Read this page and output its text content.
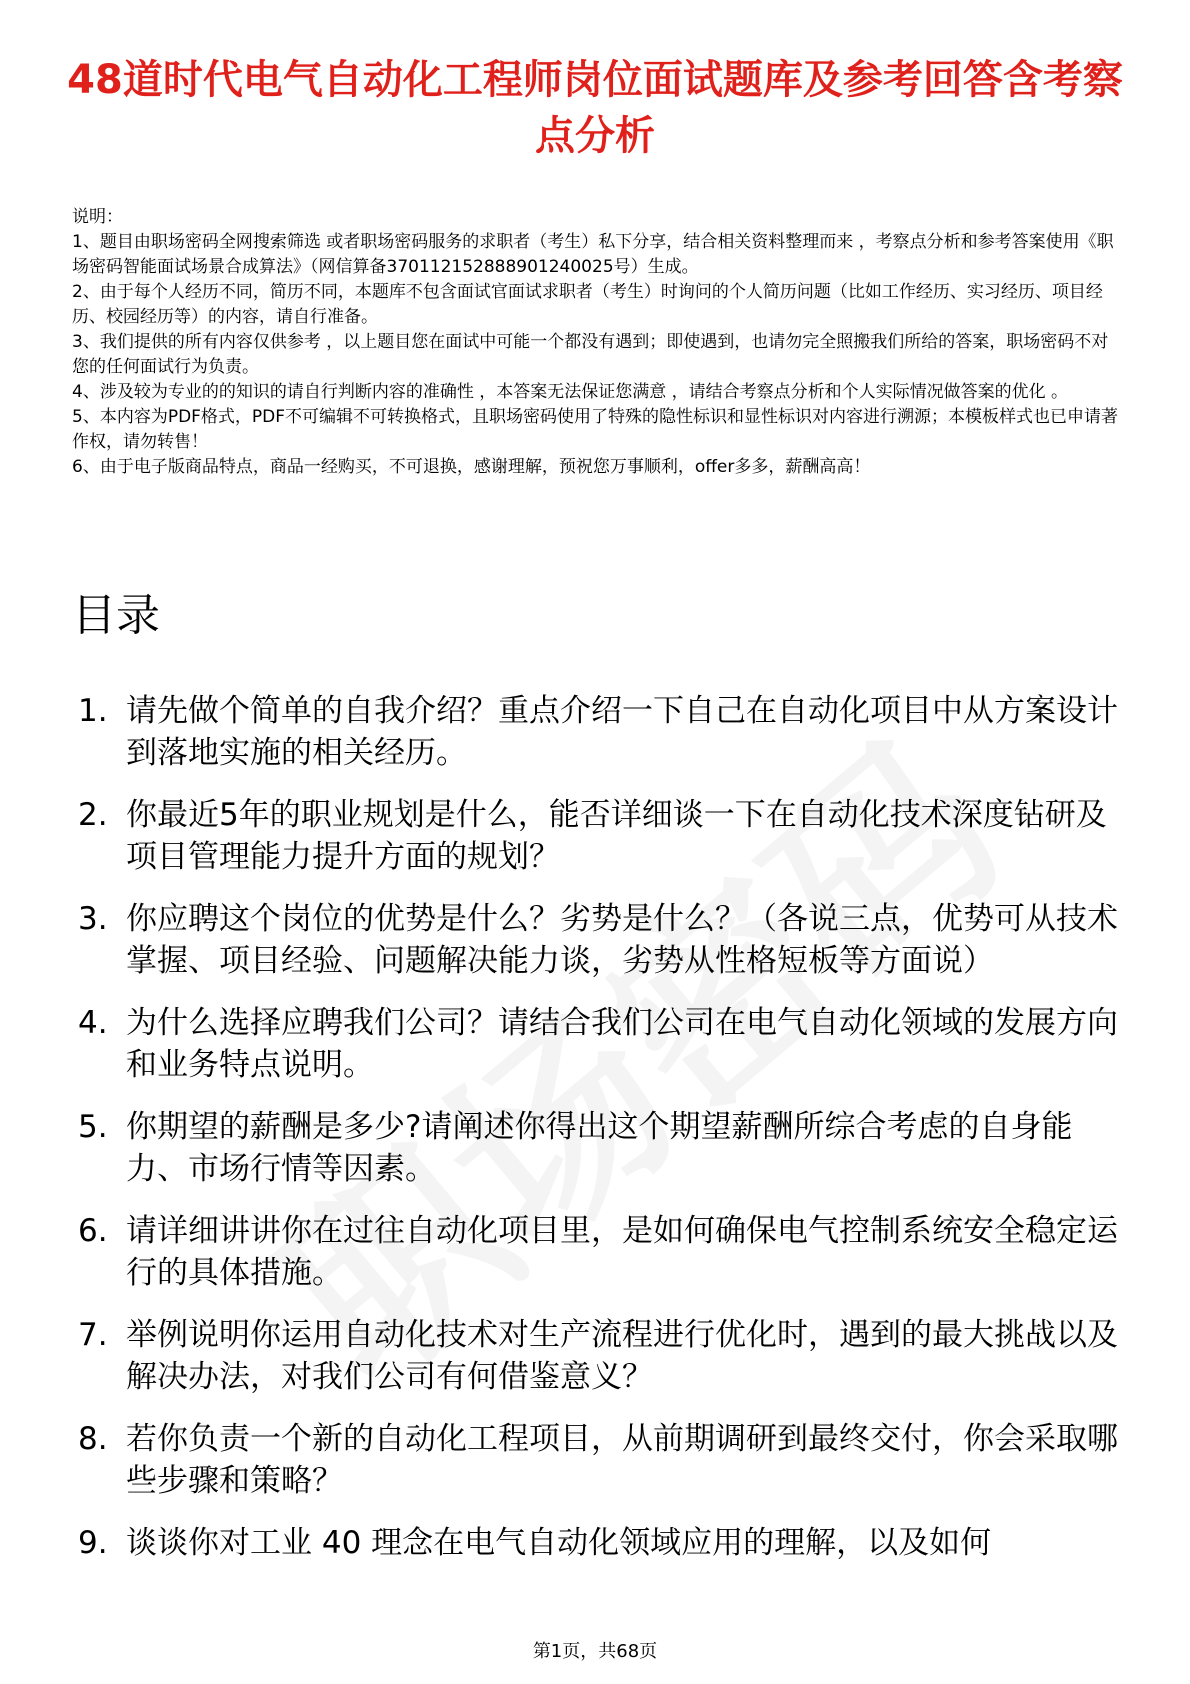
48道时代电气自动化工程师岗位面试题库及参考回答含考察点分析

说明：

1、题目由职场密码全网搜索筛选 或者职场密码服务的求职者（考生）私下分享，结合相关资料整理而来 ，考察点分析和参考答案使用《职场密码智能面试场景合成算法》（网信算备370112152888901240025号）生成。

2、由于每个人经历不同，简历不同，本题库不包含面试官面试求职者（考生）时询问的个人简历问题（比如工作经历、实习经历、项目经历、校园经历等）的内容，请自行准备。

3、我们提供的所有内容仅供参考 ，以上题目您在面试中可能一个都没有遇到；即使遇到，也请勿完全照搬我们所给的答案，职场密码不对您的任何面试行为负责。

4、涉及较为专业的的知识的请自行判断内容的准确性 ，本答案无法保证您满意 ，请结合考察点分析和个人实际情况做答案的优化 。

5、本内容为PDF格式，PDF不可编辑不可转换格式，且职场密码使用了特殊的隐性标识和显性标识对内容进行溯源；本模板样式也已申请著作权，请勿转售！

6、由于电子版商品特点，商品一经购买，不可退换，感谢理解，预祝您万事顺利，offer多多，薪酬高高！

目录
1. 请先做个简单的自我介绍？重点介绍一下自己在自动化项目中从方案设计到落地实施的相关经历。
2. 你最近5年的职业规划是什么，能否详细谈一下在自动化技术深度钻研及项目管理能力提升方面的规划？
3. 你应聘这个岗位的优势是什么？劣势是什么？（各说三点，优势可从技术掌握、项目经验、问题解决能力谈，劣势从性格短板等方面说）
4. 为什么选择应聘我们公司？请结合我们公司在电气自动化领域的发展方向和业务特点说明。
5. 你期望的薪酬是多少?请阐述你得出这个期望薪酬所综合考虑的自身能力、市场行情等因素。
6. 请详细讲讲你在过往自动化项目里，是如何确保电气控制系统安全稳定运行的具体措施。
7. 举例说明你运用自动化技术对生产流程进行优化时，遇到的最大挑战以及解决办法，对我们公司有何借鉴意义？
8. 若你负责一个新的自动化工程项目，从前期调研到最终交付，你会采取哪些步骤和策略？
9. 谈谈你对工业 40 理念在电气自动化领域应用的理解，以及如何
第1页，共68页
